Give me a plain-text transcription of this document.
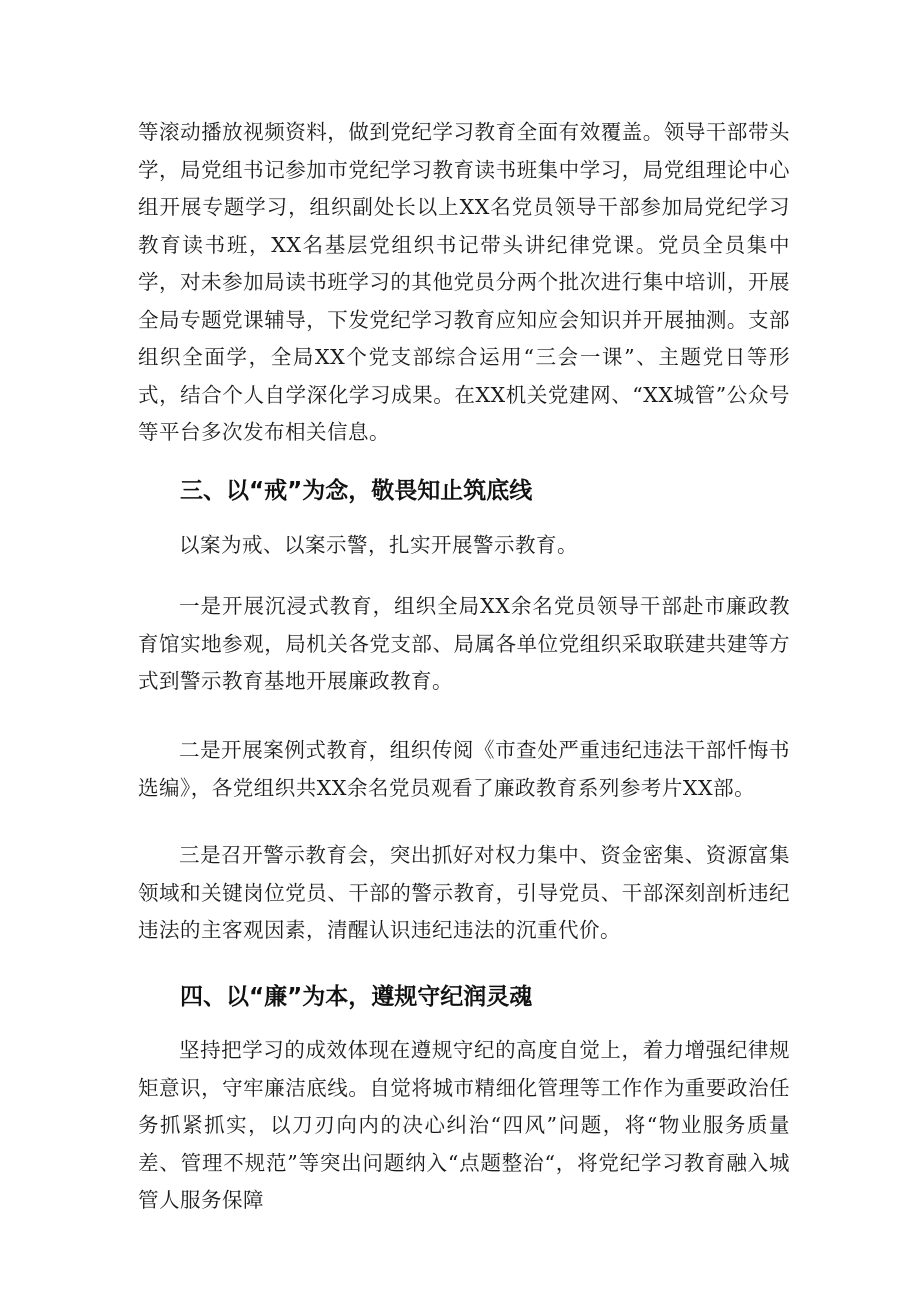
等滚动播放视频资料，做到党纪学习教育全面有效覆盖。领导干部带头学，局党组书记参加市党纪学习教育读书班集中学习，局党组理论中心组开展专题学习，组织副处长以上XX名党员领导干部参加局党纪学习教育读书班，XX名基层党组织书记带头讲纪律党课。党员全员集中学，对未参加局读书班学习的其他党员分两个批次进行集中培训，开展全局专题党课辅导，下发党纪学习教育应知应会知识并开展抽测。支部组织全面学，全局XX个党支部综合运用“三会一课”、主题党日等形式，结合个人自学深化学习成果。在XX机关党建网、“XX城管”公众号等平台多次发布相关信息。

三、以“戒”为念，敬畏知止筑底线

以案为戒、以案示警，扎实开展警示教育。

一是开展沉浸式教育，组织全局XX余名党员领导干部赴市廉政教育馆实地参观，局机关各党支部、局属各单位党组织采取联建共建等方式到警示教育基地开展廉政教育。

二是开展案例式教育，组织传阅《市查处严重违纪违法干部忏悔书选编》，各党组织共XX余名党员观看了廉政教育系列参考片XX部。

三是召开警示教育会，突出抓好对权力集中、资金密集、资源富集领域和关键岗位党员、干部的警示教育，引导党员、干部深刻剖析违纪违法的主客观因素，清醒认识违纪违法的沉重代价。

四、以“廉”为本，遵规守纪润灵魂

坚持把学习的成效体现在遵规守纪的高度自觉上，着力增强纪律规矩意识，守牢廉洁底线。自觉将城市精细化管理等工作作为重要政治任务抓紧抓实，以刀刃向内的决心纠治“四风”问题，将“物业服务质量差、管理不规范”等突出问题纳入“点题整治“，将党纪学习教育融入城管人服务保障
